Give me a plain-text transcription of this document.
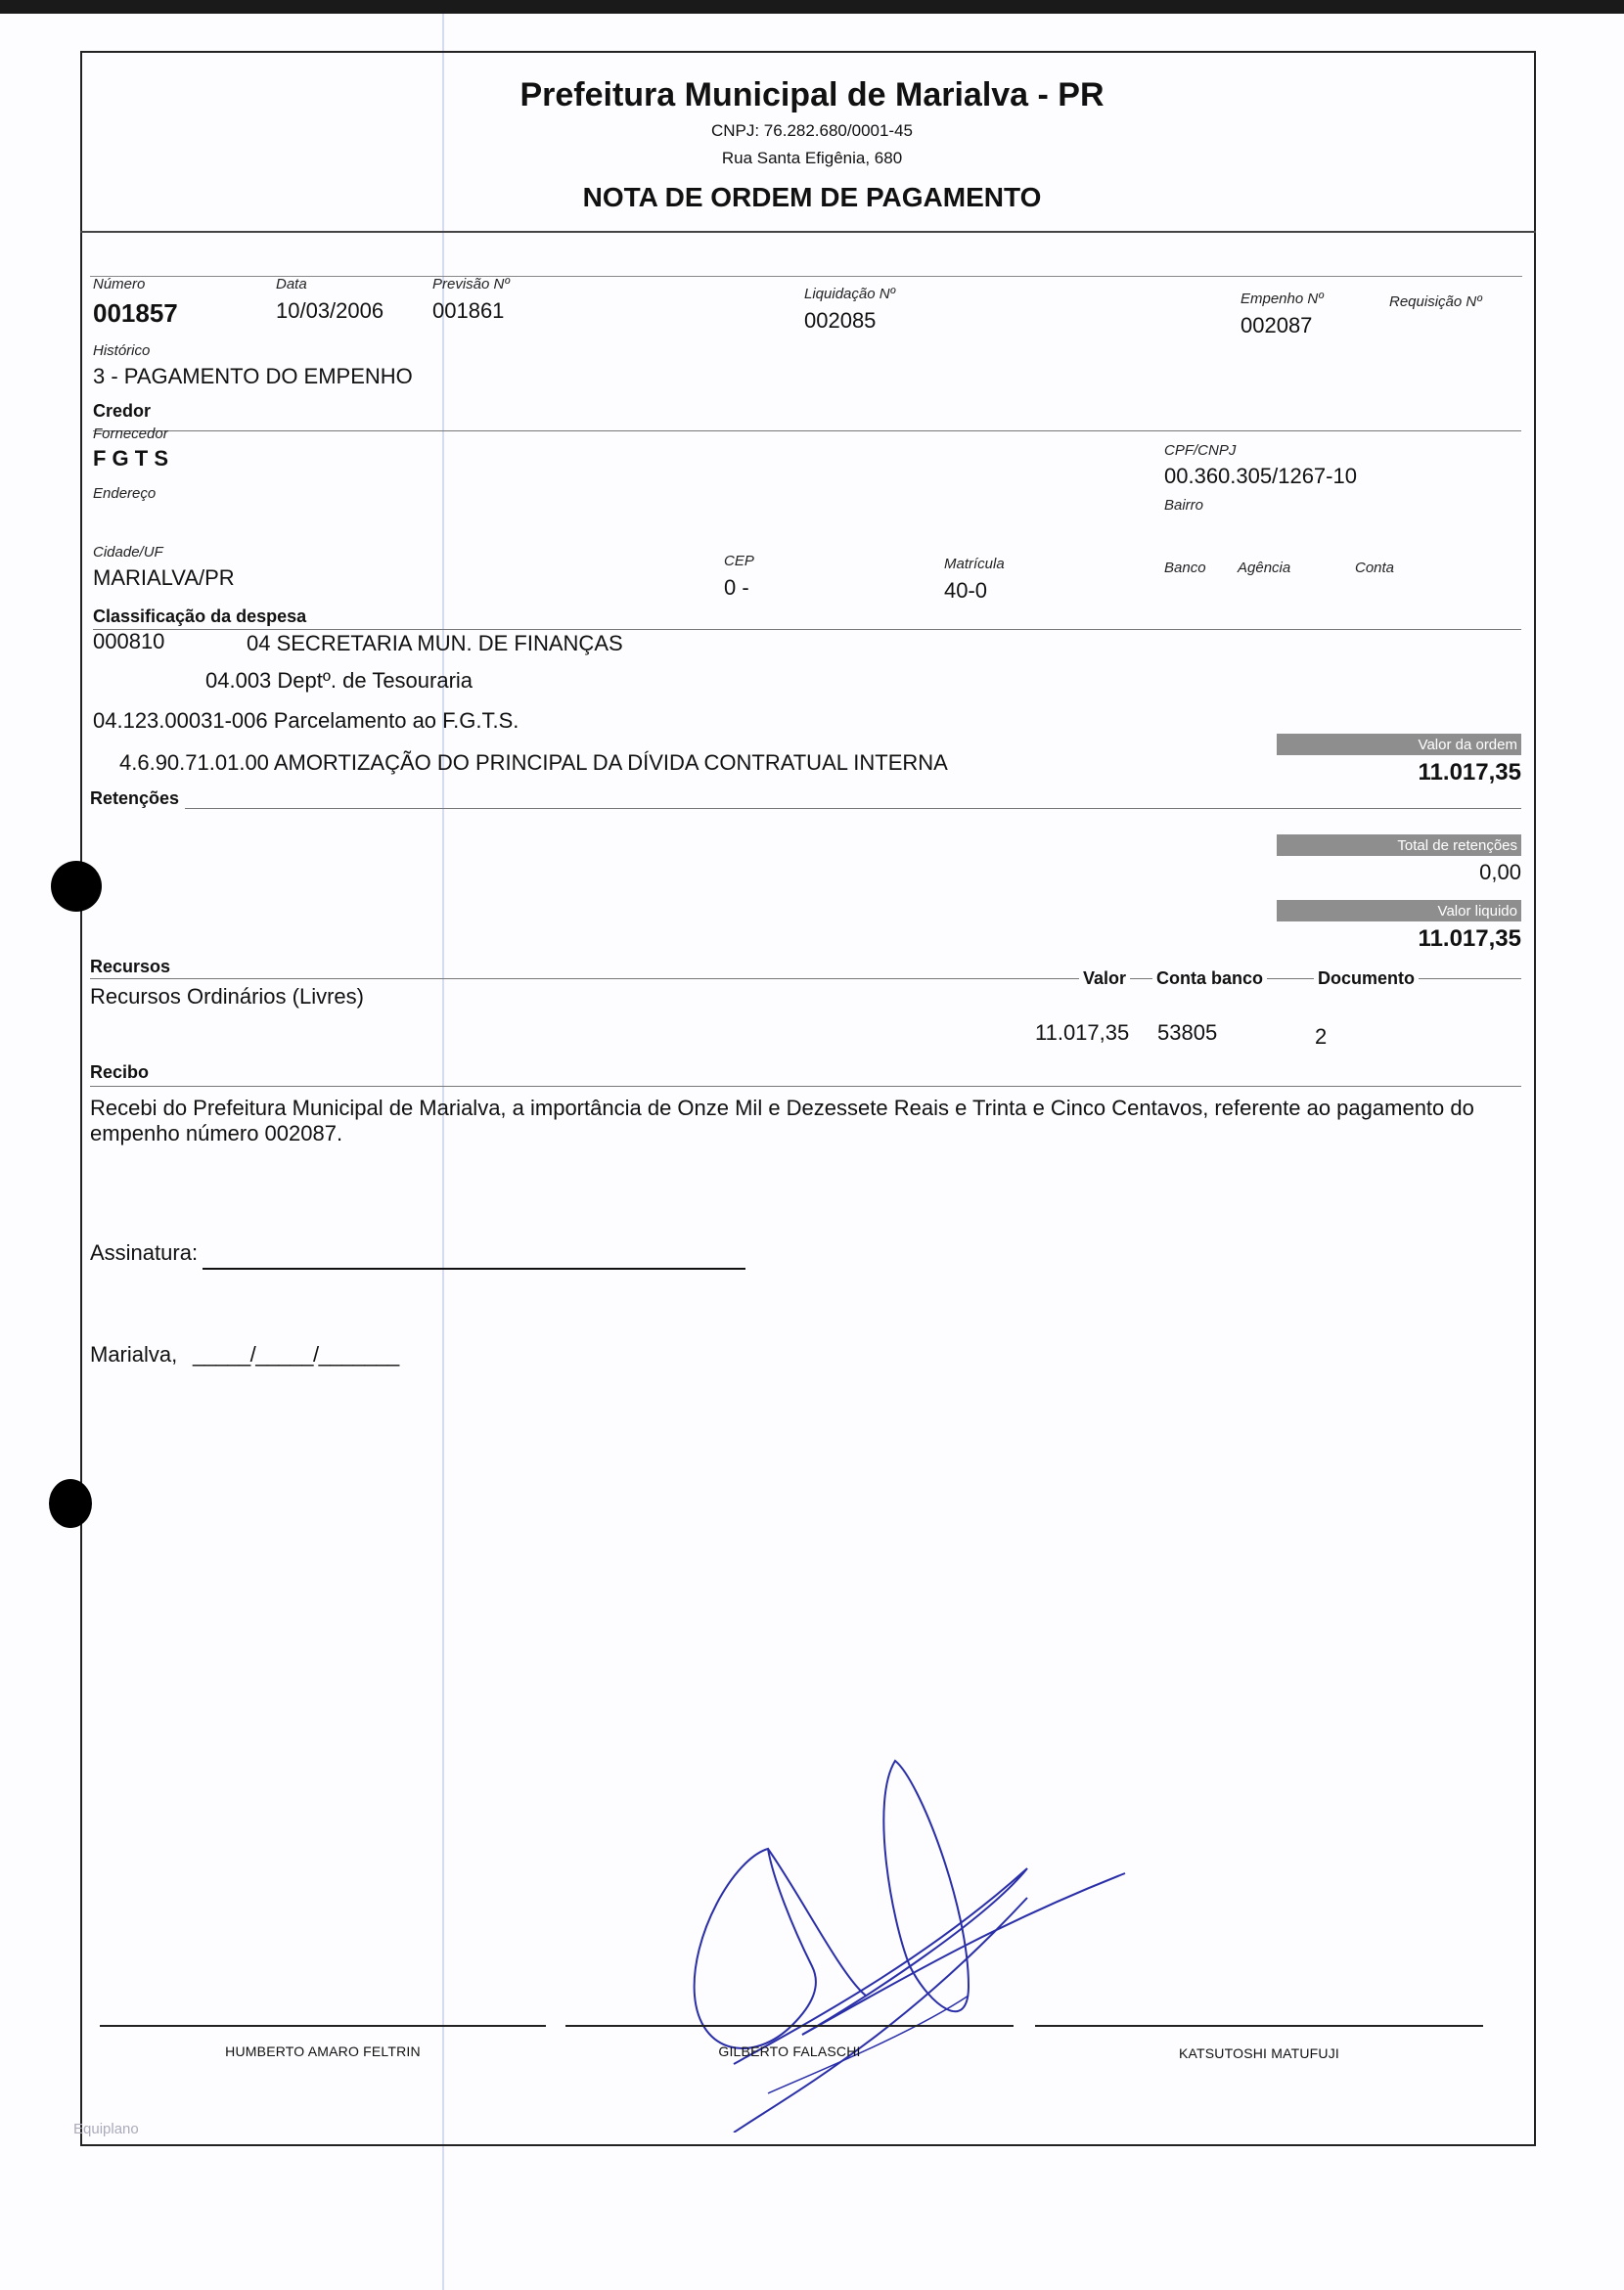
Prefeitura Municipal de Marialva - PR
CNPJ: 76.282.680/0001-45
Rua Santa Efigênia, 680
NOTA DE ORDEM DE PAGAMENTO
Número
001857
Data
10/03/2006
Previsão Nº
001861
Liquidação Nº
002085
Empenho Nº
002087
Requisição Nº
Histórico
3 - PAGAMENTO DO EMPENHO
Credor
Fornecedor
F G T S
Endereço
CPF/CNPJ
00.360.305/1267-10
Bairro
Cidade/UF
MARIALVA/PR
CEP
0 -
Matrícula
40-0
Banco Agência	Conta
Classificação da despesa
000810	04 SECRETARIA MUN. DE FINANÇAS
04.003 Deptº. de Tesouraria
04.123.00031-006 Parcelamento ao F.G.T.S.
4.6.90.71.01.00 AMORTIZAÇÃO DO PRINCIPAL DA DÍVIDA CONTRATUAL INTERNA
Valor da ordem
11.017,35
Retenções
Total de retenções
0,00
Valor liquido
11.017,35
Recursos
Valor Conta banco	Documento
Recursos Ordinários (Livres)
11.017,35 53805	2
Recibo
Recebi do Prefeitura Municipal de Marialva, a importância de Onze Mil e Dezessete Reais e Trinta e Cinco Centavos, referente ao pagamento do
empenho número 002087.
Assinatura:
Marialva, _____/_____/_______
HUMBERTO AMARO FELTRIN	GILBERTO FALASCHI	KATSUTOSHI MATUFUJI
Equiplano
